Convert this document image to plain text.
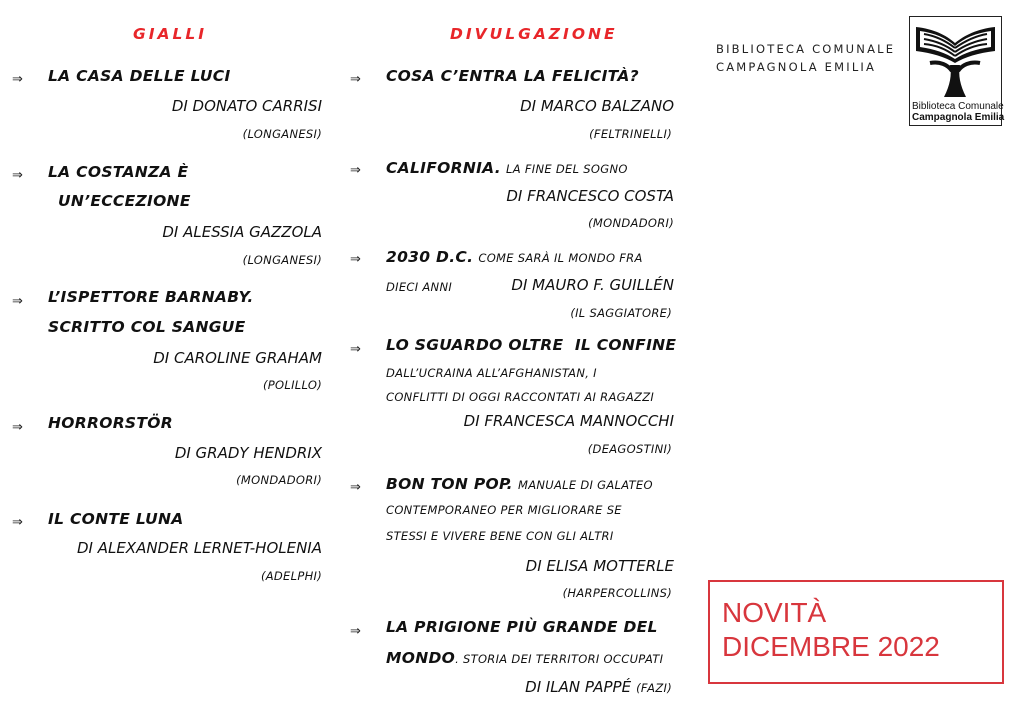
GIALLI
⇒ LA CASA DELLE LUCI
DI DONATO CARRISI
(LONGANESI)
⇒ LA COSTANZA È
UN’ECCEZIONE
DI ALESSIA GAZZOLA
(LONGANESI)
⇒ L’ISPETTORE BARNABY.
SCRITTO COL SANGUE
DI CAROLINE GRAHAM
(POLILLO)
⇒ HORRORSTÖR
DI GRADY HENDRIX
(MONDADORI)
⇒ IL CONTE LUNA
DI ALEXANDER LERNET-HOLENIA
(ADELPHI)
DIVULGAZIONE
⇒ COSA C’ENTRA LA FELICITÀ?
DI MARCO BALZANO
(FELTRINELLI)
⇒ CALIFORNIA. LA FINE DEL SOGNO
DI FRANCESCO COSTA
(MONDADORI)
⇒ 2030 D.C. COME SARÀ IL MONDO FRA
DIECI ANNI	DI MAURO F. GUILLÉN
(IL SAGGIATORE)
⇒ LO SGUARDO OLTRE  IL CONFINE
DALL’UCRAINA ALL’AFGHANISTAN, I
CONFLITTI DI OGGI RACCONTATI AI RAGAZZI
DI FRANCESCA MANNOCCHI
(DEAGOSTINI)
⇒ BON TON POP. MANUALE DI GALATEO
CONTEMPORANEO PER MIGLIORARE SE
STESSI E VIVERE BENE CON GLI ALTRI
DI ELISA MOTTERLE
(HARPERCOLLINS)
⇒ LA PRIGIONE PIÙ GRANDE DEL
MONDO. STORIA DEI TERRITORI OCCUPATI
DI ILAN PAPPÉ (FAZI)
BIBLIOTECA COMUNALE
CAMPAGNOLA EMILIA
Biblioteca Comunale
Campagnola Emilia
NOVITÀ
DICEMBRE 2022
